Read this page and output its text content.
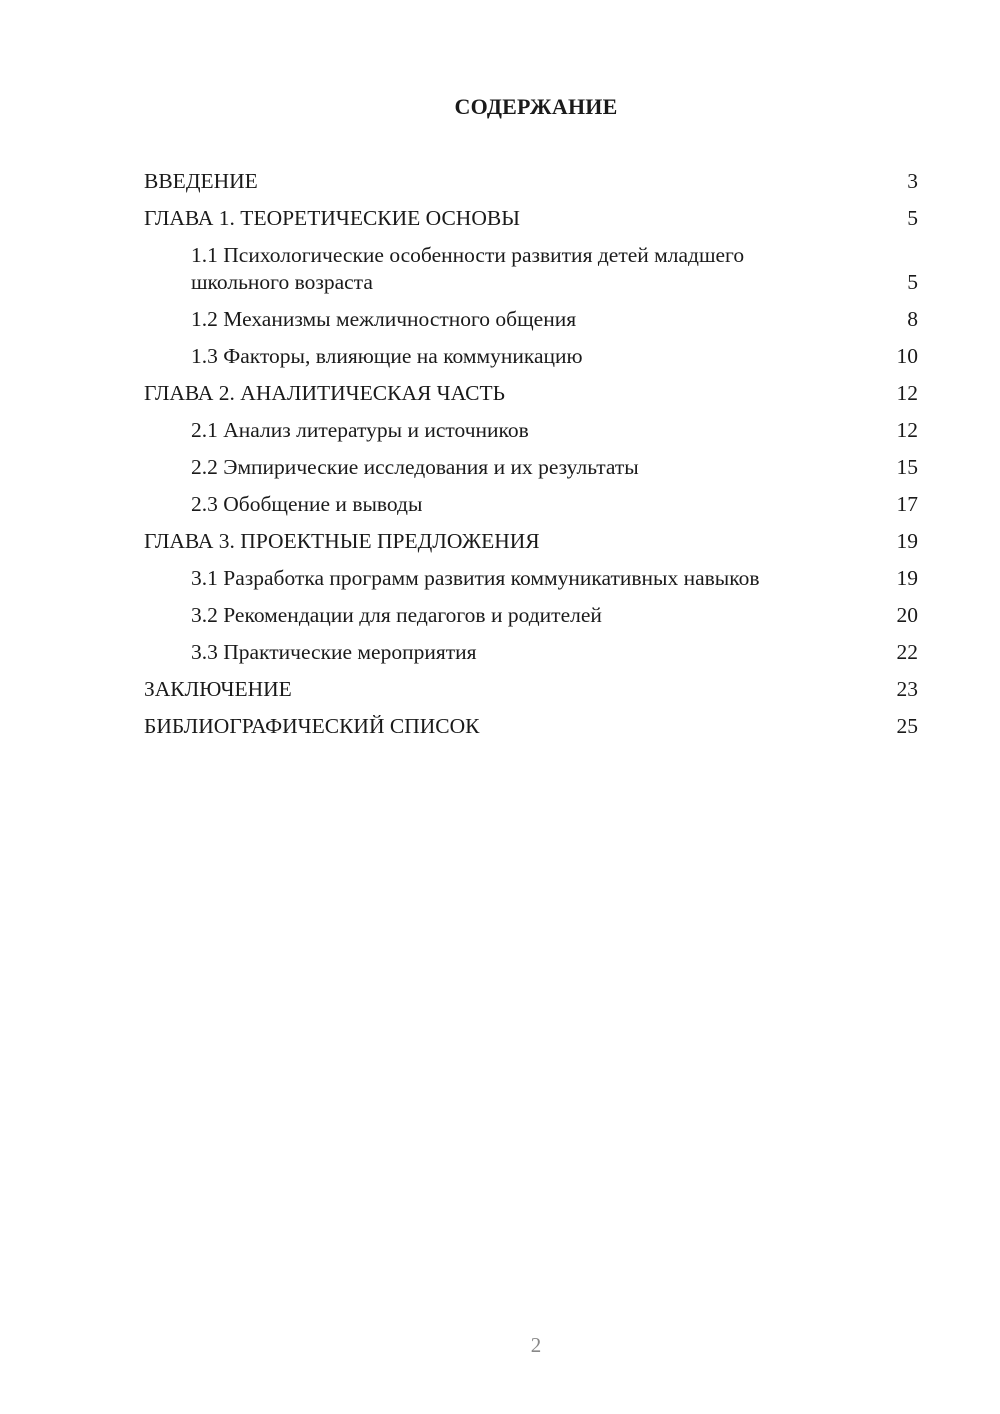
СОДЕРЖАНИЕ
ВВЕДЕНИЕ	3
ГЛАВА 1. ТЕОРЕТИЧЕСКИЕ ОСНОВЫ	5
1.1 Психологические особенности развития детей младшего школьного возраста	5
1.2 Механизмы межличностного общения	8
1.3 Факторы, влияющие на коммуникацию	10
ГЛАВА 2. АНАЛИТИЧЕСКАЯ ЧАСТЬ	12
2.1 Анализ литературы и источников	12
2.2 Эмпирические исследования и их результаты	15
2.3 Обобщение и выводы	17
ГЛАВА 3. ПРОЕКТНЫЕ ПРЕДЛОЖЕНИЯ	19
3.1 Разработка программ развития коммуникативных навыков	19
3.2 Рекомендации для педагогов и родителей	20
3.3 Практические мероприятия	22
ЗАКЛЮЧЕНИЕ	23
БИБЛИОГРАФИЧЕСКИЙ СПИСОК	25
2
